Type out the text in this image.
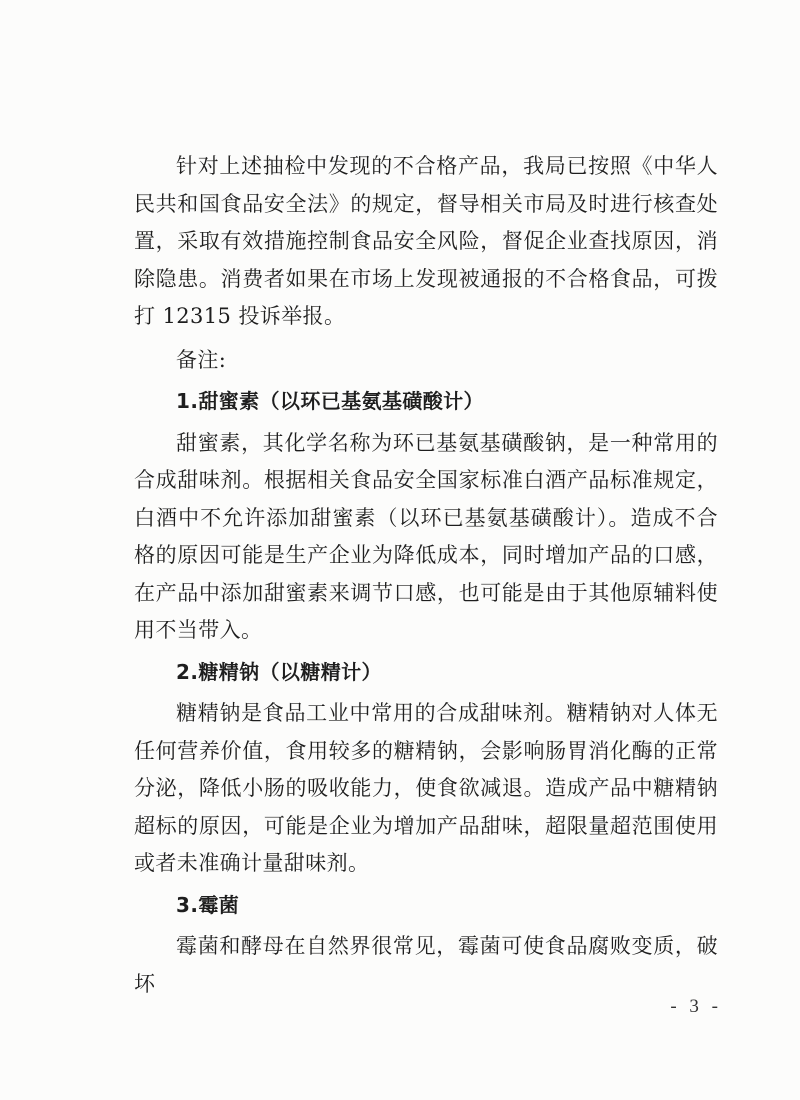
针对上述抽检中发现的不合格产品，我局已按照《中华人民共和国食品安全法》的规定，督导相关市局及时进行核查处置，采取有效措施控制食品安全风险，督促企业查找原因，消除隐患。消费者如果在市场上发现被通报的不合格食品，可拨打 12315 投诉举报。

备注:

1.甜蜜素（以环已基氨基磺酸计）

甜蜜素，其化学名称为环已基氨基磺酸钠，是一种常用的合成甜味剂。根据相关食品安全国家标准白酒产品标准规定，白酒中不允许添加甜蜜素（以环已基氨基磺酸计）。造成不合格的原因可能是生产企业为降低成本，同时增加产品的口感，在产品中添加甜蜜素来调节口感，也可能是由于其他原辅料使用不当带入。

2.糖精钠（以糖精计）

糖精钠是食品工业中常用的合成甜味剂。糖精钠对人体无任何营养价值，食用较多的糖精钠，会影响肠胃消化酶的正常分泌，降低小肠的吸收能力，使食欲减退。造成产品中糖精钠超标的原因，可能是企业为增加产品甜味，超限量超范围使用或者未准确计量甜味剂。

3.霉菌

霉菌和酵母在自然界很常见，霉菌可使食品腐败变质，破坏

- 3 -
